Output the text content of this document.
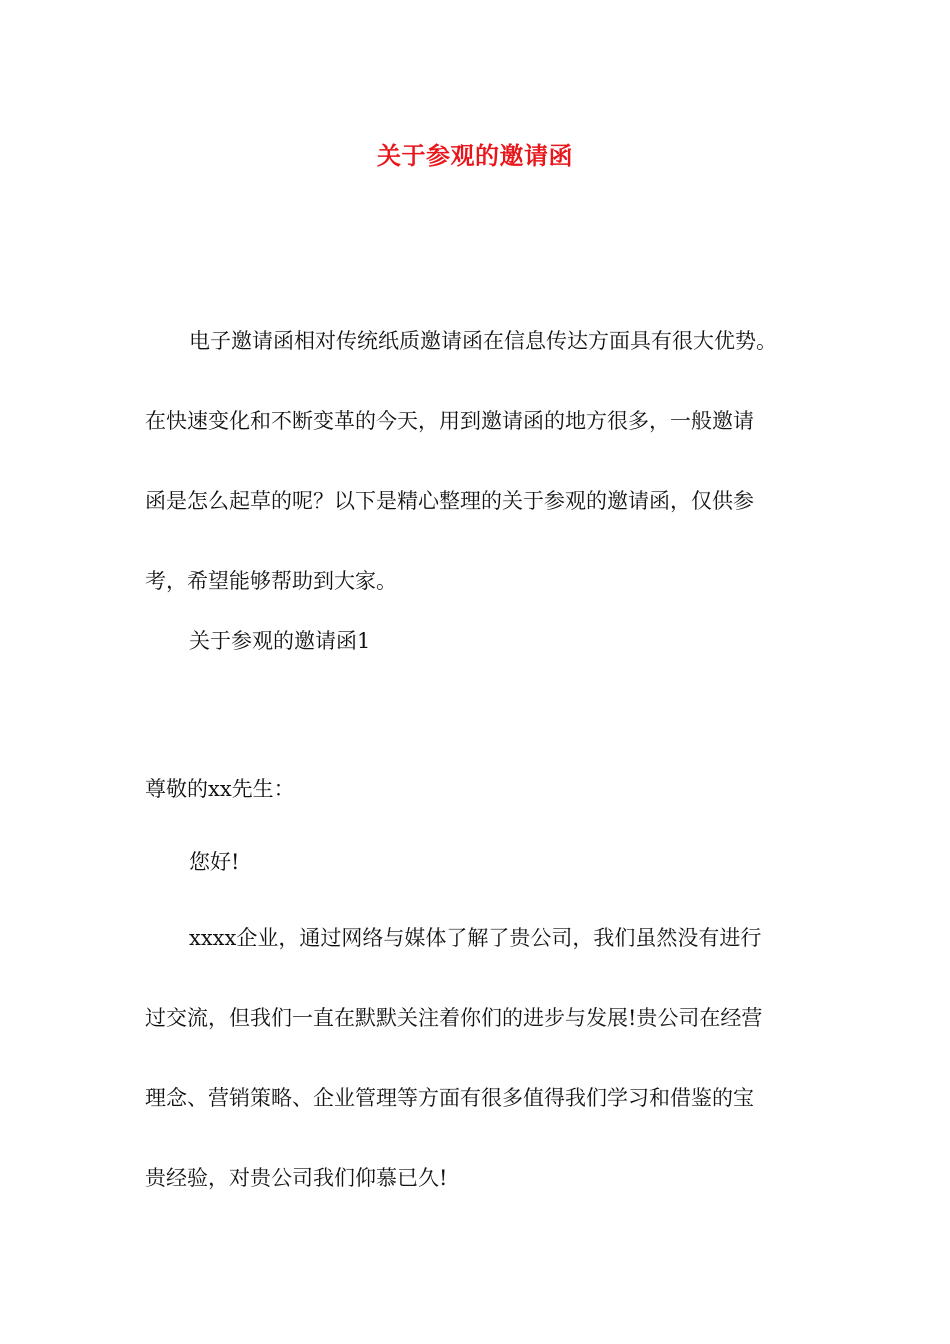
关于参观的邀请函
电子邀请函相对传统纸质邀请函在信息传达方面具有很大优势。
在快速变化和不断变革的今天，用到邀请函的地方很多，一般邀请
函是怎么起草的呢？以下是精心整理的关于参观的邀请函，仅供参
考，希望能够帮助到大家。
关于参观的邀请函1
尊敬的xx先生：
您好!
xxxx企业，通过网络与媒体了解了贵公司，我们虽然没有进行
过交流，但我们一直在默默关注着你们的进步与发展!贵公司在经营
理念、营销策略、企业管理等方面有很多值得我们学习和借鉴的宝
贵经验，对贵公司我们仰慕已久!
